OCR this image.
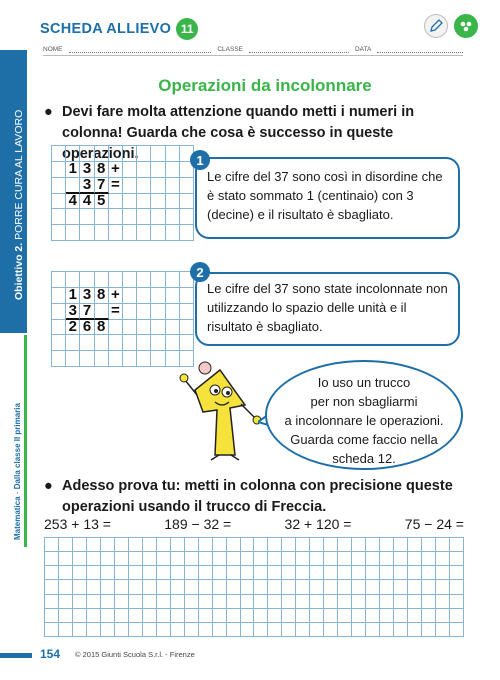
Obiettivo 2. PORRE CURA AL LAVORO
Matematica - Dalla classe II primaria
SCHEDA ALLIEVO 11
NOME	CLASSE	DATA
Operazioni da incolonnare
● Devi fare molta attenzione quando metti i numeri in colonna! Guarda che cosa è successo in queste operazioni.
1 3 8 +
3 7 =
4 4 5
Le cifre del 37 sono così in disordine che è stato sommato 1 (centinaio) con 3 (decine) e il risultato è sbagliato.
1
1 3 8 +
3 7 =
2 6 8
Le cifre del 37 sono state incolonnate non utilizzando lo spazio delle unità e il risultato è sbagliato.
2
Io uso un trucco
per non sbagliarmi
a incolonnare le operazioni.
Guarda come faccio nella
scheda 12.
● Adesso prova tu: metti in colonna con precisione queste operazioni usando il trucco di Freccia.
253 + 13 =	189 − 32 =	32 + 120 =	75 − 24 =
154 © 2015 Giunti Scuola S.r.l. - Firenze
